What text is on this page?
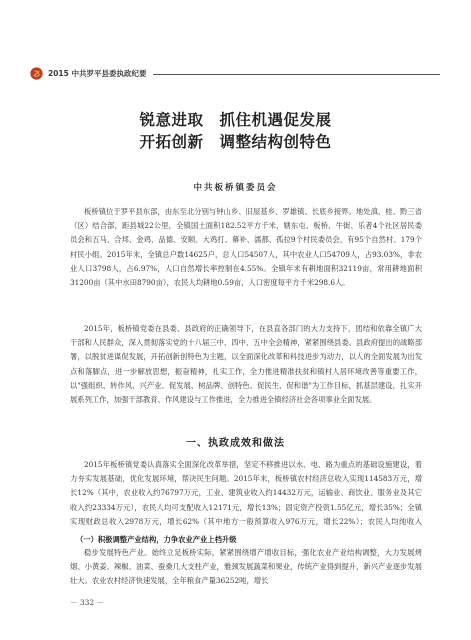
2015 中共罗平县委执政纪要
锐意进取　抓住机遇促发展
开拓创新　调整结构创特色
中共板桥镇委员会

板桥镇位于罗平县东部，由东至北分别与钟山乡、旧屋基乡、罗雄镇、长底乡接界。地处滇、桂、黔三省（区）结合部，距县城22公里，全镇国土面积182.52平方千米，辖东屯、板桥、牛街、乐者4个社区居民委员会和五马、合邦、金鸡、品德、安顺、大鸡打、幕补、濡都、孤拉9个村民委员会，有95个自然村、179个村民小组。2015年末，全镇总户数14625户，总人口54507人，其中农业人口54709人，占93.03%，非农业人口3798人，占6.97%，人口自然增长率控制在4.55%。全镇年末有耕地面积32119亩，常用耕地面积31200亩（其中水田8790亩），农民人均耕地0.59亩，人口密度每平方千米298.6人。

2015年，板桥镇党委在县委、县政府的正确领导下，在县直各部门的大力支持下，团结和依靠全镇广大干部和人民群众，深入贯彻落实党的十八届三中、四中、五中全会精神，紧紧围绕县委、县政府提出的战略部署，以脱贫进谋促发展，开拓创新创特色为主题，以全面深化改革和科技进步为动力，以人的全面发展为出发点和落脚点，进一步解放思想，振奋精神，扎实工作，全力推进精准扶贫和镇村人居环境改善等重要工作，以"强组织、转作风、兴产业、促发展、树品牌、创特色、促民生、促和谐"为工作目标，抓基层建设，扎实开展系列工作，加强干部教育、作风建设与工作推进，全力推进全镇经济社会各项事业全面发展。

一、执政成效和做法

2015年板桥镇党委认真落实全面深化改革举措，坚定不移推进以水、电、路为重点的基础设施建设，着力夯实发展基础，优化发展环境，帮决民生问题。2015年末，板桥镇农村经济总收入实现114583万元，增长12%（其中，农业收入约76797万元，工业、建筑业收入约14432万元，运输业、商饮业、服务业及其它收入约23334万元），农民人均可支配收入12171元，增长13%；固定资产投资1.55亿元，增长35%；全镇实现财政总收入2978万元，增长62%（其中地方一般预算收入976万元，增长22%）；农民人均纯收入

（一）积极调整产业结构，力争农业产业上档升级

稳步发展特色产业。始终立足板桥实际，紧紧围绕增产增收目标，强化农业产业结构调整，大力发展烤烟、小黄姜、辣椒、油菜、蚕桑几大支柱产业，雅颈发展蔬菜和果业，传统产业得到提升，新兴产业逐步发展壮大。农业农村经济快速发展，全年粮食产量36252吨，增长

－ 332 －
